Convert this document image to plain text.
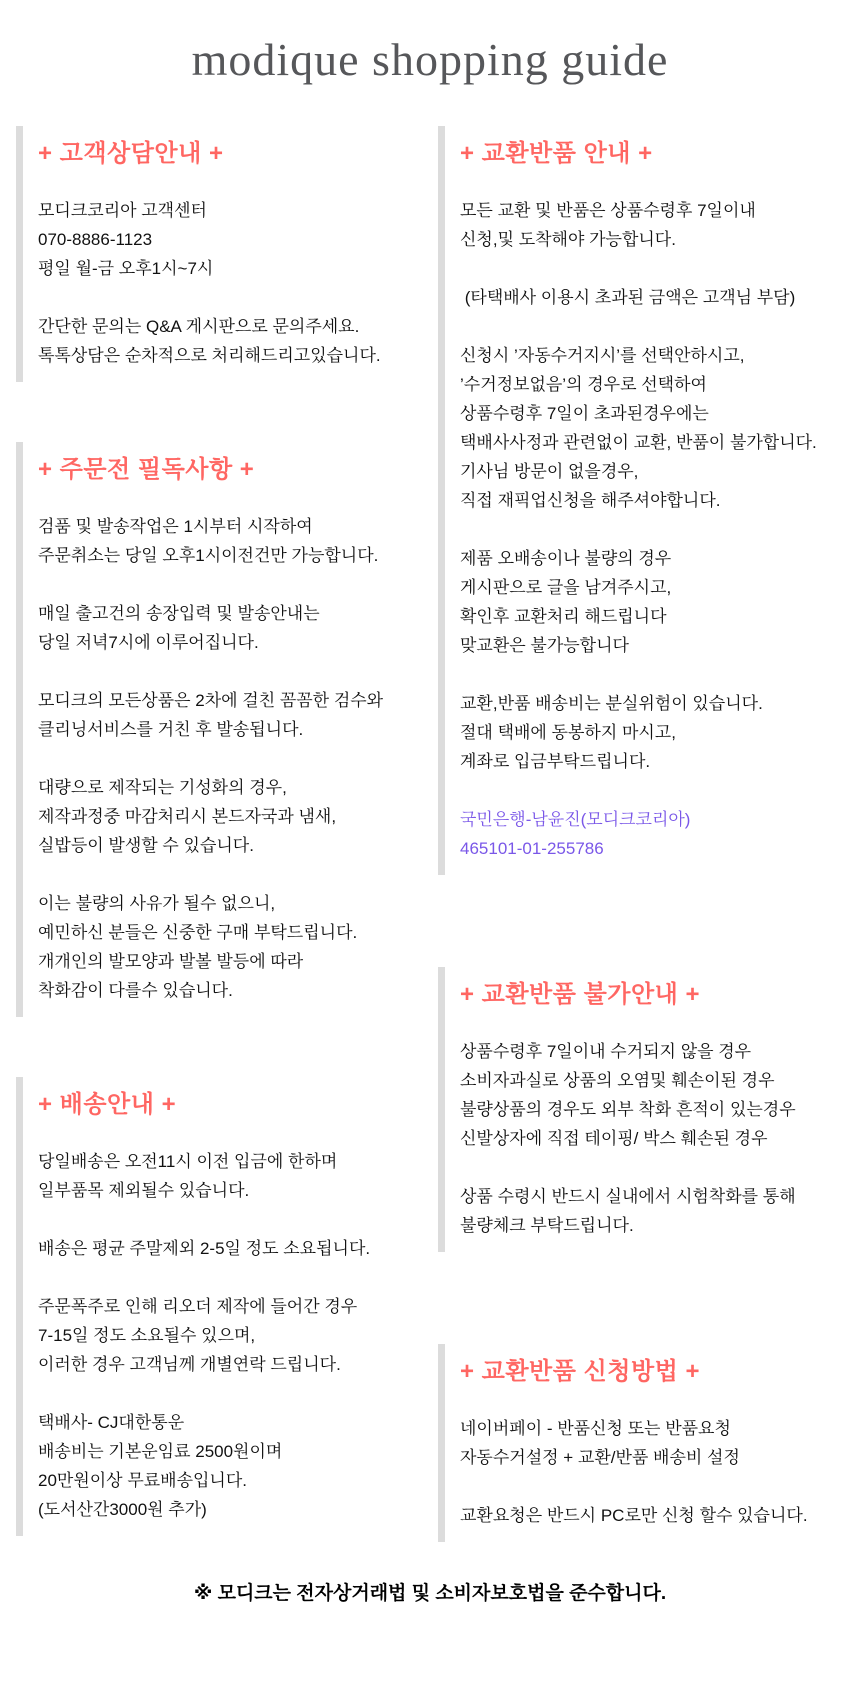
modique shopping guide
+ 고객상담안내 +

모디크코리아 고객센터
070-8886-1123
평일 월-금 오후1시~7시

간단한 문의는 Q&A 게시판으로 문의주세요.
톡톡상담은 순차적으로 처리해드리고있습니다.

+ 주문전 필독사항 +

검품 및 발송작업은 1시부터 시작하여
주문취소는 당일 오후1시이전건만 가능합니다.

매일 출고건의 송장입력 및 발송안내는
당일 저녁7시에 이루어집니다.

모디크의 모든상품은 2차에 걸친 꼼꼼한 검수와
클리닝서비스를 거친 후 발송됩니다.

대량으로 제작되는 기성화의 경우,
제작과정중 마감처리시 본드자국과 냄새,
실밥등이 발생할 수 있습니다.

이는 불량의 사유가 될수 없으니,
예민하신 분들은 신중한 구매 부탁드립니다.
개개인의 발모양과 발볼 발등에 따라
착화감이 다를수 있습니다.

+ 배송안내 +

당일배송은 오전11시 이전 입금에 한하며
일부품목 제외될수 있습니다.

배송은 평균 주말제외 2-5일 정도 소요됩니다.

주문폭주로 인해 리오더 제작에 들어간 경우
7-15일 정도 소요될수 있으며,
이러한 경우 고객님께 개별연락 드립니다.

택배사- CJ대한통운
배송비는 기본운임료 2500원이며
20만원이상 무료배송입니다.
(도서산간3000원 추가)

+ 교환반품 안내 +

모든 교환 및 반품은 상품수령후 7일이내
신청,및 도착해야 가능합니다.

(타택배사 이용시 초과된 금액은 고객님 부담)

신청시 ’자동수거지시’를 선택안하시고,
’수거정보없음’의 경우로 선택하여
상품수령후 7일이 초과된경우에는
택배사사정과 관련없이 교환, 반품이 불가합니다.
기사님 방문이 없을경우,
직접 재픽업신청을 해주셔야합니다.

제품 오배송이나 불량의 경우
게시판으로 글을 남겨주시고,
확인후 교환처리 해드립니다
맞교환은 불가능합니다

교환,반품 배송비는 분실위험이 있습니다.
절대 택배에 동봉하지 마시고,
계좌로 입금부탁드립니다.

국민은행-남윤진(모디크코리아)
465101-01-255786

+ 교환반품 불가안내 +

상품수령후 7일이내 수거되지 않을 경우
소비자과실로 상품의 오염및 훼손이된 경우
불량상품의 경우도 외부 착화 흔적이 있는경우
신발상자에 직접 테이핑/ 박스 훼손된 경우

상품 수령시 반드시 실내에서 시험착화를 통해
불량체크 부탁드립니다.

+ 교환반품 신청방법 +

네이버페이 - 반품신청 또는 반품요청
자동수거설정 + 교환/반품 배송비 설정

교환요청은 반드시 PC로만 신청 할수 있습니다.

※ 모디크는 전자상거래법 및 소비자보호법을 준수합니다.
